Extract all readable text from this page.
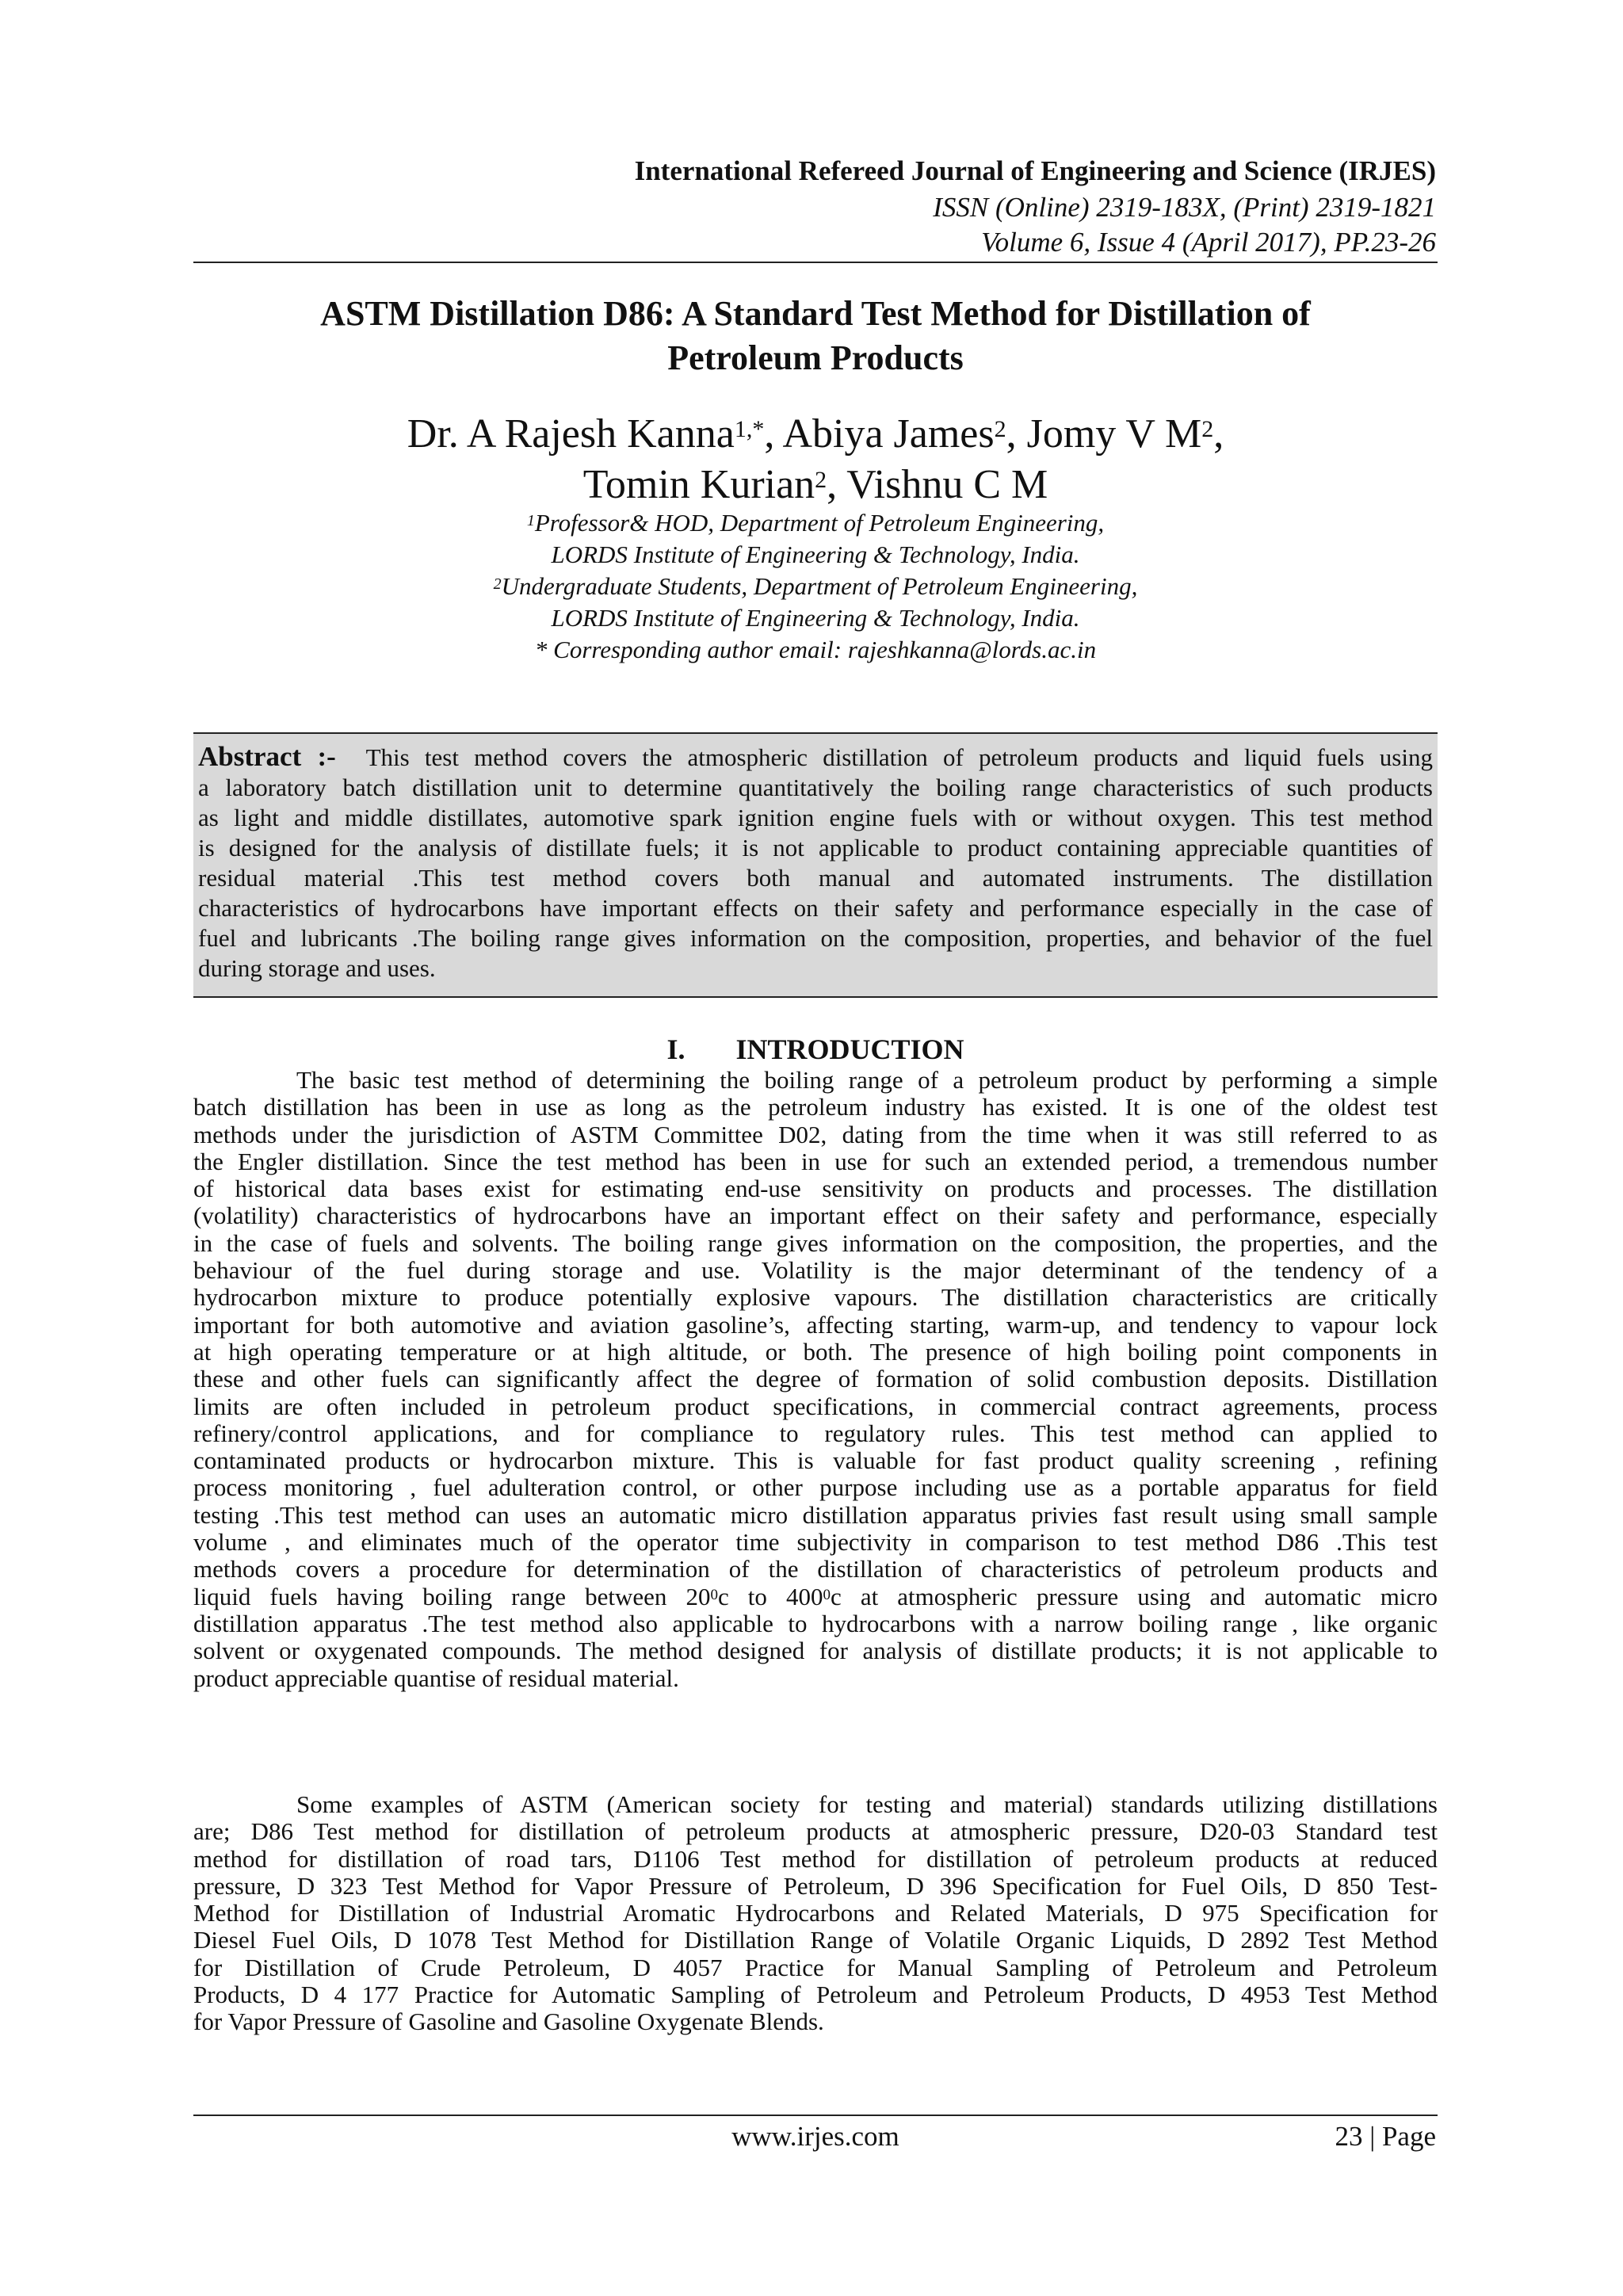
International Refereed Journal of Engineering and Science (IRJES)
ISSN (Online) 2319-183X, (Print) 2319-1821
Volume 6, Issue 4 (April 2017), PP.23-26
ASTM Distillation D86: A Standard Test Method for Distillation of
Petroleum Products
Dr. A Rajesh Kanna$^{1,*}$, Abiya James$^2$, Jomy V $M^2$,
Tomin Kurian$^2$, Vishnu C M
$^1$Professor& HOD, Department of Petroleum Engineering,
LORDS Institute of Engineering & Technology, India.
$^2$Undergraduate Students, Department of Petroleum Engineering,
LORDS Institute of Engineering & Technology, India.
* Corresponding author email: rajeshkanna@lords.ac.in
Abstract :- This test method covers the atmospheric distillation of petroleum products and liquid fuels using
a laboratory batch distillation unit to determine quantitatively the boiling range characteristics of such products
as light and middle distillates, automotive spark ignition engine fuels with or without oxygen. This test method
is designed for the analysis of distillate fuels; it is not applicable to product containing appreciable quantities of
residual material .This test method covers both manual and automated instruments. The distillation
characteristics of hydrocarbons have important effects on their safety and performance especially in the case of
fuel and lubricants .The boiling range gives information on the composition, properties, and behavior of the fuel
during storage and uses.
I. INTRODUCTION
The basic test method of determining the boiling range of a petroleum product by performing a simple
batch distillation has been in use as long as the petroleum industry has existed. It is one of the oldest test
methods under the jurisdiction of ASTM Committee D02, dating from the time when it was still referred to as
the Engler distillation. Since the test method has been in use for such an extended period, a tremendous number
of historical data bases exist for estimating end-use sensitivity on products and processes. The distillation
(volatility) characteristics of hydrocarbons have an important effect on their safety and performance, especially
in the case of fuels and solvents. The boiling range gives information on the composition, the properties, and the
behaviour of the fuel during storage and use. Volatility is the major determinant of the tendency of a
hydrocarbon mixture to produce potentially explosive vapours. The distillation characteristics are critically
important for both automotive and aviation gasoline’s, affecting starting, warm-up, and tendency to vapour lock
at high operating temperature or at high altitude, or both. The presence of high boiling point components in
these and other fuels can significantly affect the degree of formation of solid combustion deposits. Distillation
limits are often included in petroleum product specifications, in commercial contract agreements, process
refinery/control applications, and for compliance to regulatory rules. This test method can applied to
contaminated products or hydrocarbon mixture. This is valuable for fast product quality screening , refining
process monitoring , fuel adulteration control, or other purpose including use as a portable apparatus for field
testing .This test method can uses an automatic micro distillation apparatus privies fast result using small sample
volume , and eliminates much of the operator time subjectivity in comparison to test method D86 .This test
methods covers a procedure for determination of the distillation of characteristics of petroleum products and
liquid fuels having boiling range between $20^0c$ to $400^0c$ at atmospheric pressure using and automatic micro
distillation apparatus .The test method also applicable to hydrocarbons with a narrow boiling range , like organic
solvent or oxygenated compounds. The method designed for analysis of distillate products; it is not applicable to
product appreciable quantise of residual material.
Some examples of ASTM (American society for testing and material) standards utilizing distillations
are; D86 Test method for distillation of petroleum products at atmospheric pressure, D20-03 Standard test
method for distillation of road tars, D1106 Test method for distillation of petroleum products at reduced
pressure, D 323 Test Method for Vapor Pressure of Petroleum, D 396 Specification for Fuel Oils, D 850 Test-
Method for Distillation of Industrial Aromatic Hydrocarbons and Related Materials, D 975 Specification for
Diesel Fuel Oils, D 1078 Test Method for Distillation Range of Volatile Organic Liquids, D 2892 Test Method
for Distillation of Crude Petroleum, D 4057 Practice for Manual Sampling of Petroleum and Petroleum
Products, D 4 177 Practice for Automatic Sampling of Petroleum and Petroleum Products, D 4953 Test Method
for Vapor Pressure of Gasoline and Gasoline Oxygenate Blends.
www.irjes.com	23 | Page
